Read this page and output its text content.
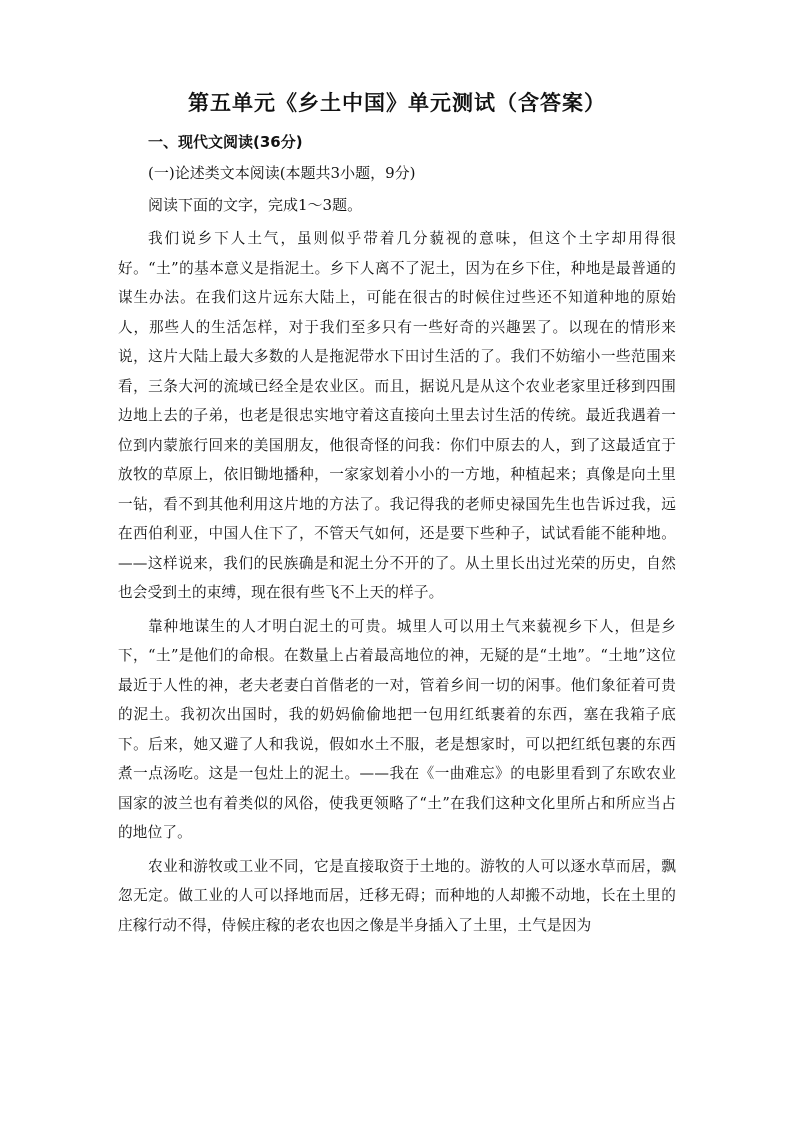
第五单元《乡土中国》单元测试（含答案）

一、现代文阅读(36分)

(一)论述类文本阅读(本题共3小题，9分)

阅读下面的文字，完成1～3题。

我们说乡下人土气，虽则似乎带着几分藐视的意味，但这个土字却用得很好。“土”的基本意义是指泥土。乡下人离不了泥土，因为在乡下住，种地是最普通的谋生办法。在我们这片远东大陆上，可能在很古的时候住过些还不知道种地的原始人，那些人的生活怎样，对于我们至多只有一些好奇的兴趣罢了。以现在的情形来说，这片大陆上最大多数的人是拖泥带水下田讨生活的了。我们不妨缩小一些范围来看，三条大河的流域已经全是农业区。而且，据说凡是从这个农业老家里迁移到四围边地上去的子弟，也老是很忠实地守着这直接向土里去讨生活的传统。最近我遇着一位到内蒙旅行回来的美国朋友，他很奇怪的问我：你们中原去的人，到了这最适宜于放牧的草原上，依旧锄地播种，一家家划着小小的一方地，种植起来；真像是向土里一钻，看不到其他利用这片地的方法了。我记得我的老师史禄国先生也告诉过我，远在西伯利亚，中国人住下了，不管天气如何，还是要下些种子，试试看能不能种地。——这样说来，我们的民族确是和泥土分不开的了。从土里长出过光荣的历史，自然也会受到土的束缚，现在很有些飞不上天的样子。

靠种地谋生的人才明白泥土的可贵。城里人可以用土气来藐视乡下人，但是乡下，“土”是他们的命根。在数量上占着最高地位的神，无疑的是“土地”。“土地”这位最近于人性的神，老夫老妻白首偕老的一对，管着乡间一切的闲事。他们象征着可贵的泥土。我初次出国时，我的奶妈偷偷地把一包用红纸裹着的东西，塞在我箱子底下。后来，她又避了人和我说，假如水土不服，老是想家时，可以把红纸包裹的东西煮一点汤吃。这是一包灶上的泥土。——我在《一曲难忘》的电影里看到了东欧农业国家的波兰也有着类似的风俗，使我更领略了“土”在我们这种文化里所占和所应当占的地位了。

农业和游牧或工业不同，它是直接取资于土地的。游牧的人可以逐水草而居，飘忽无定。做工业的人可以择地而居，迁移无碍；而种地的人却搬不动地，长在土里的庄稼行动不得，侍候庄稼的老农也因之像是半身插入了土里，土气是因为
